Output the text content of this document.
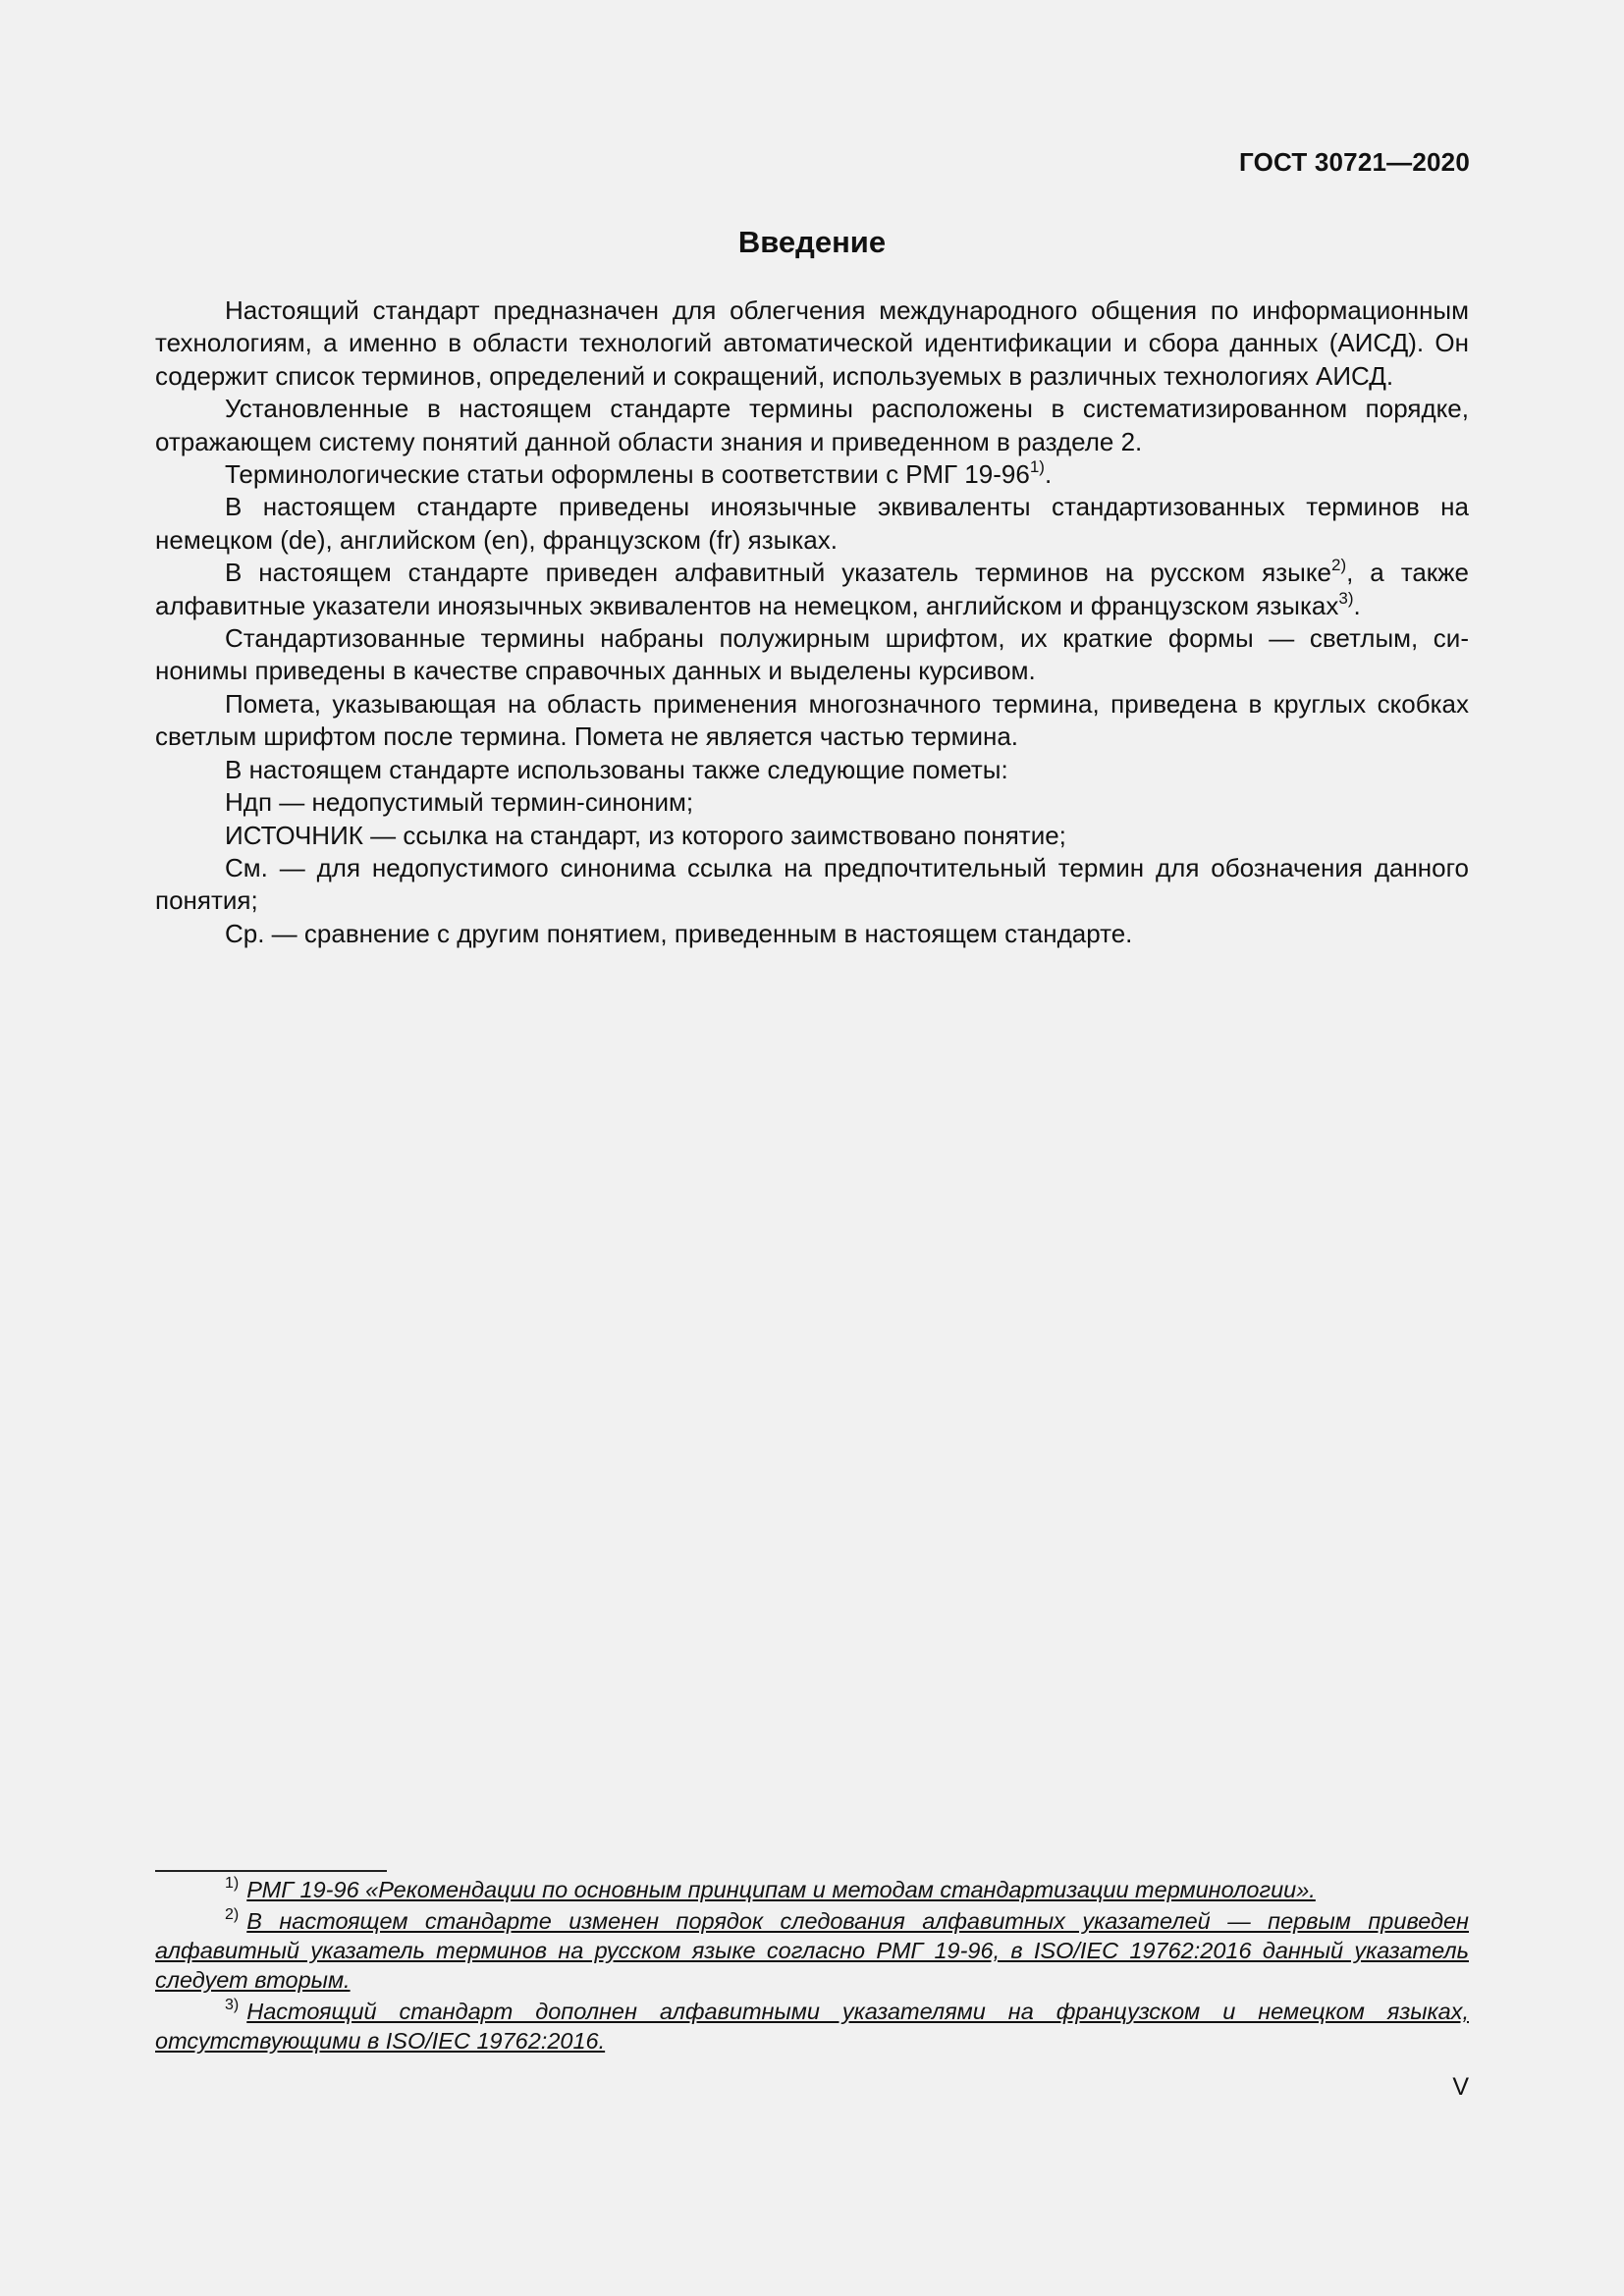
ГОСТ 30721—2020
Введение

Настоящий стандарт предназначен для облегчения международного общения по информационным технологиям, а именно в области технологий автоматической идентификации и сбора данных (АИСД). Он содержит список терминов, определений и сокращений, используемых в различных технологиях АИСД.

Установленные в настоящем стандарте термины расположены в систематизированном порядке, отражающем систему понятий данной области знания и приведенном в разделе 2.

Терминологические статьи оформлены в соответствии с РМГ 19-96$^{1)}$.

В настоящем стандарте приведены иноязычные эквиваленты стандартизованных терминов на немецком (de), английском (en), французском (fr) языках.

В настоящем стандарте приведен алфавитный указатель терминов на русском языке$^{2)}$, а также алфавитные указатели иноязычных эквивалентов на немецком, английском и французском языках$^{3)}$.

Стандартизованные термины набраны полужирным шрифтом, их краткие формы — светлым, синонимы приведены в качестве справочных данных и выделены курсивом.

Помета, указывающая на область применения многозначного термина, приведена в круглых скобках светлым шрифтом после термина. Помета не является частью термина.

В настоящем стандарте использованы также следующие пометы:

Ндп — недопустимый термин-синоним;

ИСТОЧНИК — ссылка на стандарт, из которого заимствовано понятие;

См. — для недопустимого синонима ссылка на предпочтительный термин для обозначения данного понятия;

Ср. — сравнение с другим понятием, приведенным в настоящем стандарте.

$^{1)}$ РМГ 19-96 «Рекомендации по основным принципам и методам стандартизации терминологии».

$^{2)}$ В настоящем стандарте изменен порядок следования алфавитных указателей — первым приведен алфавитный указатель терминов на русском языке согласно РМГ 19-96, в ISO/IEC 19762:2016 данный указатель следует вторым.

$^{3)}$ Настоящий стандарт дополнен алфавитными указателями на французском и немецком языках, отсутствующими в ISO/IEC 19762:2016.

V
